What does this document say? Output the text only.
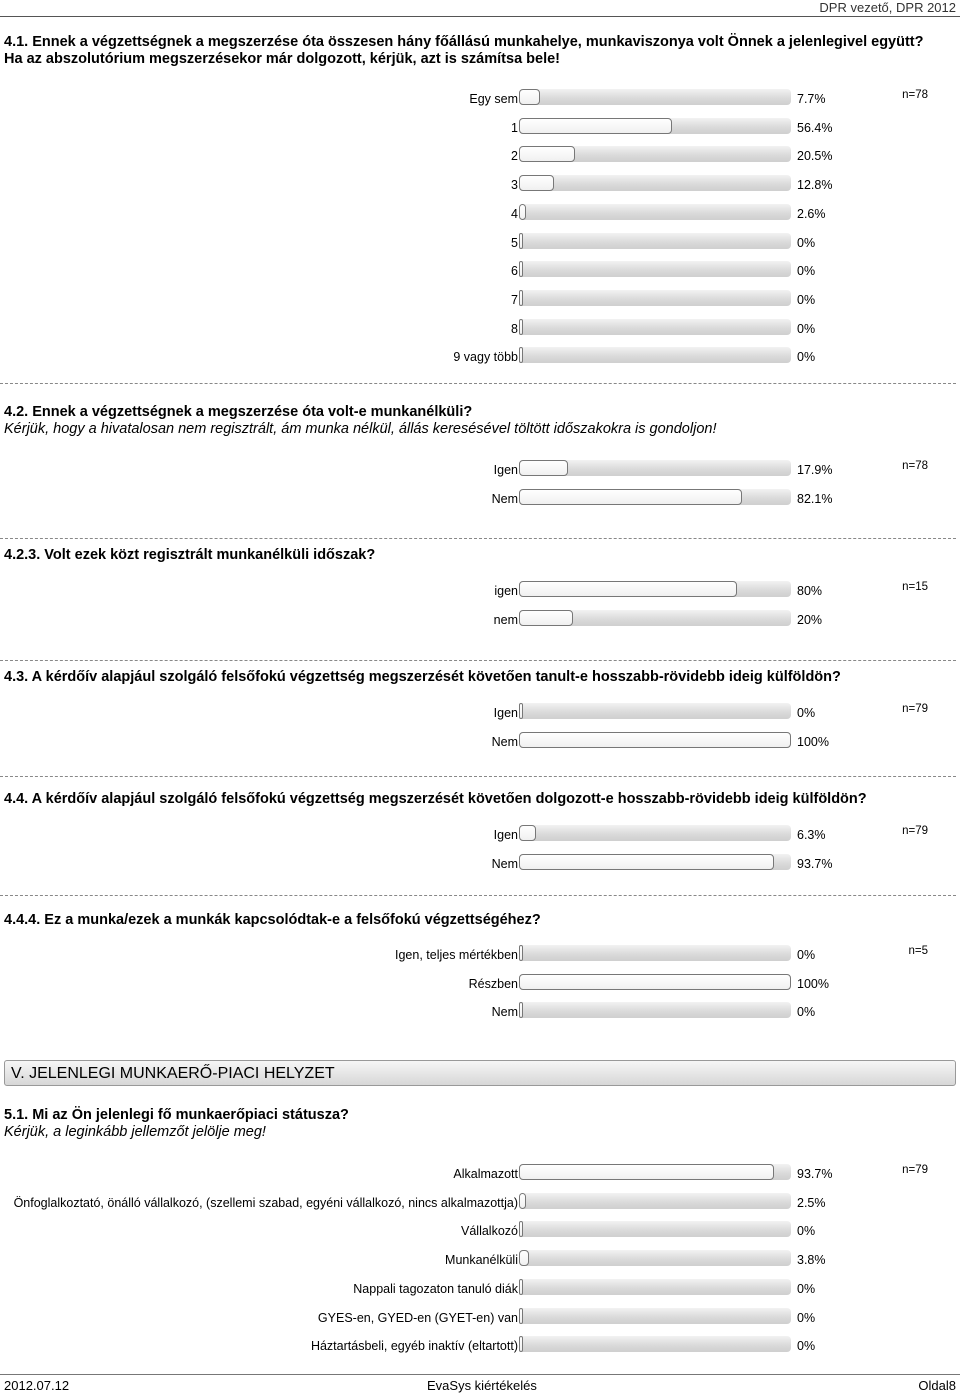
DPR vezető, DPR 2012
V. JELENLEGI MUNKAERŐ-PIACI HELYZET
2012.07.12	EvaSys kiértékelés	Oldal8
4.1. Ennek a végzettségnek a megszerzése óta összesen hány főállású munkahelye, munkaviszonya volt Önnek a jelenlegivel együtt? Ha az abszolutórium megszerzésekor már dolgozott, kérjük, azt is számítsa bele!
Egy sem	7.7%	n=78
1	56.4%
2	20.5%
3	12.8%
4	2.6%
5	0%
6	0%
7	0%
8	0%
9 vagy több	0%
4.2. Ennek a végzettségnek a megszerzése óta volt-e munkanélküli?
Kérjük, hogy a hivatalosan nem regisztrált, ám munka nélkül, állás keresésével töltött időszakokra is gondoljon!
Igen	17.9%	n=78
Nem	82.1%
4.2.3. Volt ezek közt regisztrált munkanélküli időszak?
igen	80%	n=15
nem	20%
4.3. A kérdőív alapjául szolgáló felsőfokú végzettség megszerzését követően tanult-e hosszabb-rövidebb ideig külföldön?
Igen	0%	n=79
Nem	100%
4.4. A kérdőív alapjául szolgáló felsőfokú végzettség megszerzését követően dolgozott-e hosszabb-rövidebb ideig külföldön?
Igen	6.3%	n=79
Nem	93.7%
4.4.4. Ez a munka/ezek a munkák kapcsolódtak-e a felsőfokú végzettségéhez?
Igen, teljes mértékben	0%	n=5
Részben	100%
Nem	0%
5.1. Mi az Ön jelenlegi fő munkaerőpiaci státusza?
Kérjük, a leginkább jellemzőt jelölje meg!
Alkalmazott	93.7%	n=79
Önfoglalkoztató, önálló vállalkozó, (szellemi szabad, egyéni vállalkozó, nincs alkalmazottja)	2.5%
Vállalkozó	0%
Munkanélküli	3.8%
Nappali tagozaton tanuló diák	0%
GYES-en, GYED-en (GYET-en) van	0%
Háztartásbeli, egyéb inaktív (eltartott)	0%
